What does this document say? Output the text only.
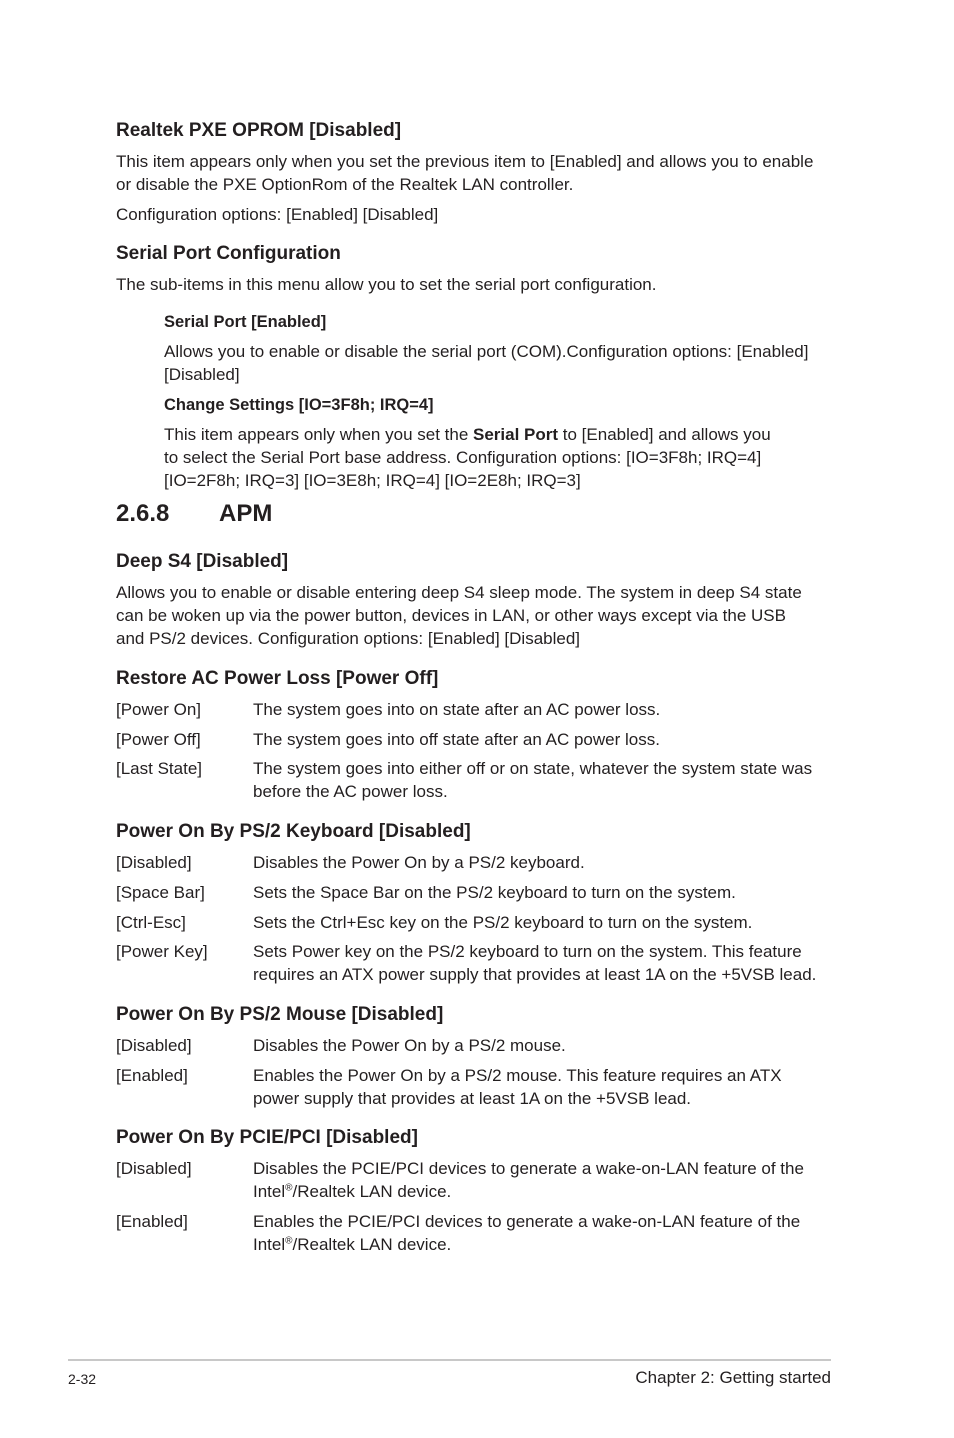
Realtek PXE OPROM [Disabled]
This item appears only when you set the previous item to [Enabled] and allows you to enable
or disable the PXE OptionRom of the Realtek LAN controller.
Configuration options: [Enabled] [Disabled]
Serial Port Configuration
The sub-items in this menu allow you to set the serial port configuration.
Serial Port [Enabled]
Allows you to enable or disable the serial port (COM).Configuration options: [Enabled]
[Disabled]
Change Settings [IO=3F8h; IRQ=4]
This item appears only when you set the Serial Port to [Enabled] and allows you
to select the Serial Port base address. Configuration options: [IO=3F8h; IRQ=4]
[IO=2F8h; IRQ=3] [IO=3E8h; IRQ=4] [IO=2E8h; IRQ=3]
2.6.8 APM
Deep S4 [Disabled]
Allows you to enable or disable entering deep S4 sleep mode. The system in deep S4 state
can be woken up via the power button, devices in LAN, or other ways except via the USB
and PS/2 devices. Configuration options: [Enabled] [Disabled]
Restore AC Power Loss [Power Off]
[Power On]	The system goes into on state after an AC power loss.
[Power Off]	The system goes into off state after an AC power loss.
[Last State]	The system goes into either off or on state, whatever the system state was
before the AC power loss.
Power On By PS/2 Keyboard [Disabled]
[Disabled]	Disables the Power On by a PS/2 keyboard.
[Space Bar]	Sets the Space Bar on the PS/2 keyboard to turn on the system.
[Ctrl-Esc]	Sets the Ctrl+Esc key on the PS/2 keyboard to turn on the system.
[Power Key]	Sets Power key on the PS/2 keyboard to turn on the system. This feature
requires an ATX power supply that provides at least 1A on the +5VSB lead.
Power On By PS/2 Mouse [Disabled]
[Disabled]	Disables the Power On by a PS/2 mouse.
[Enabled]	Enables the Power On by a PS/2 mouse. This feature requires an ATX
power supply that provides at least 1A on the +5VSB lead.
Power On By PCIE/PCI [Disabled]
[Disabled]	Disables the PCIE/PCI devices to generate a wake-on-LAN feature of the
Intel®/Realtek LAN device.
[Enabled]	Enables the PCIE/PCI devices to generate a wake-on-LAN feature of the
Intel®/Realtek LAN device.
2-32	Chapter 2: Getting started
